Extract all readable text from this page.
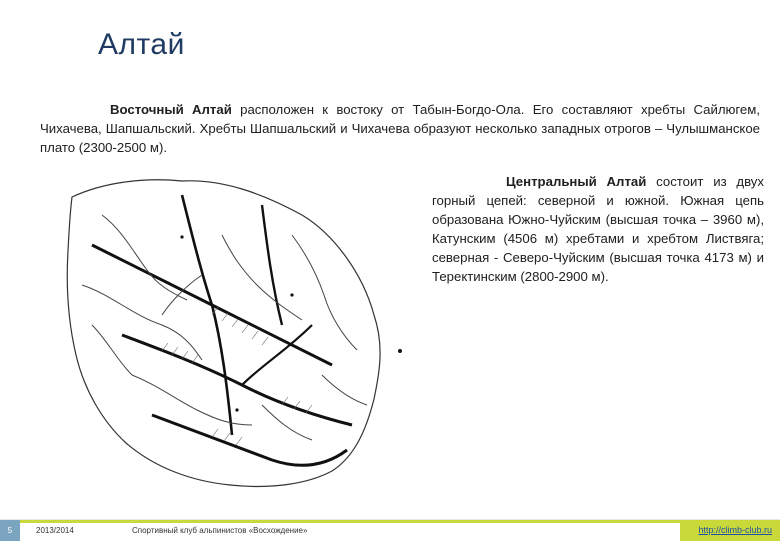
Алтай
Восточный Алтай расположен к востоку от Табын-Богдо-Ола. Его составляют хребты Сайлюгем, Чихачева, Шапшальский. Хребты Шапшальский и Чихачева образуют несколько западных отрогов – Чулышманское плато (2300-2500 м).
Центральный Алтай состоит из двух горный цепей: северной и южной. Южная цепь образована Южно-Чуйским (высшая точка – 3960 м), Катунским (4506 м) хребтами и хребтом Листвяга; северная - Северо-Чуйским (высшая точка 4173 м) и Теректинским (2800-2900 м).
5	2013/2014	Спортивный клуб альпинистов «Восхождение»	http://climb-club.ru
